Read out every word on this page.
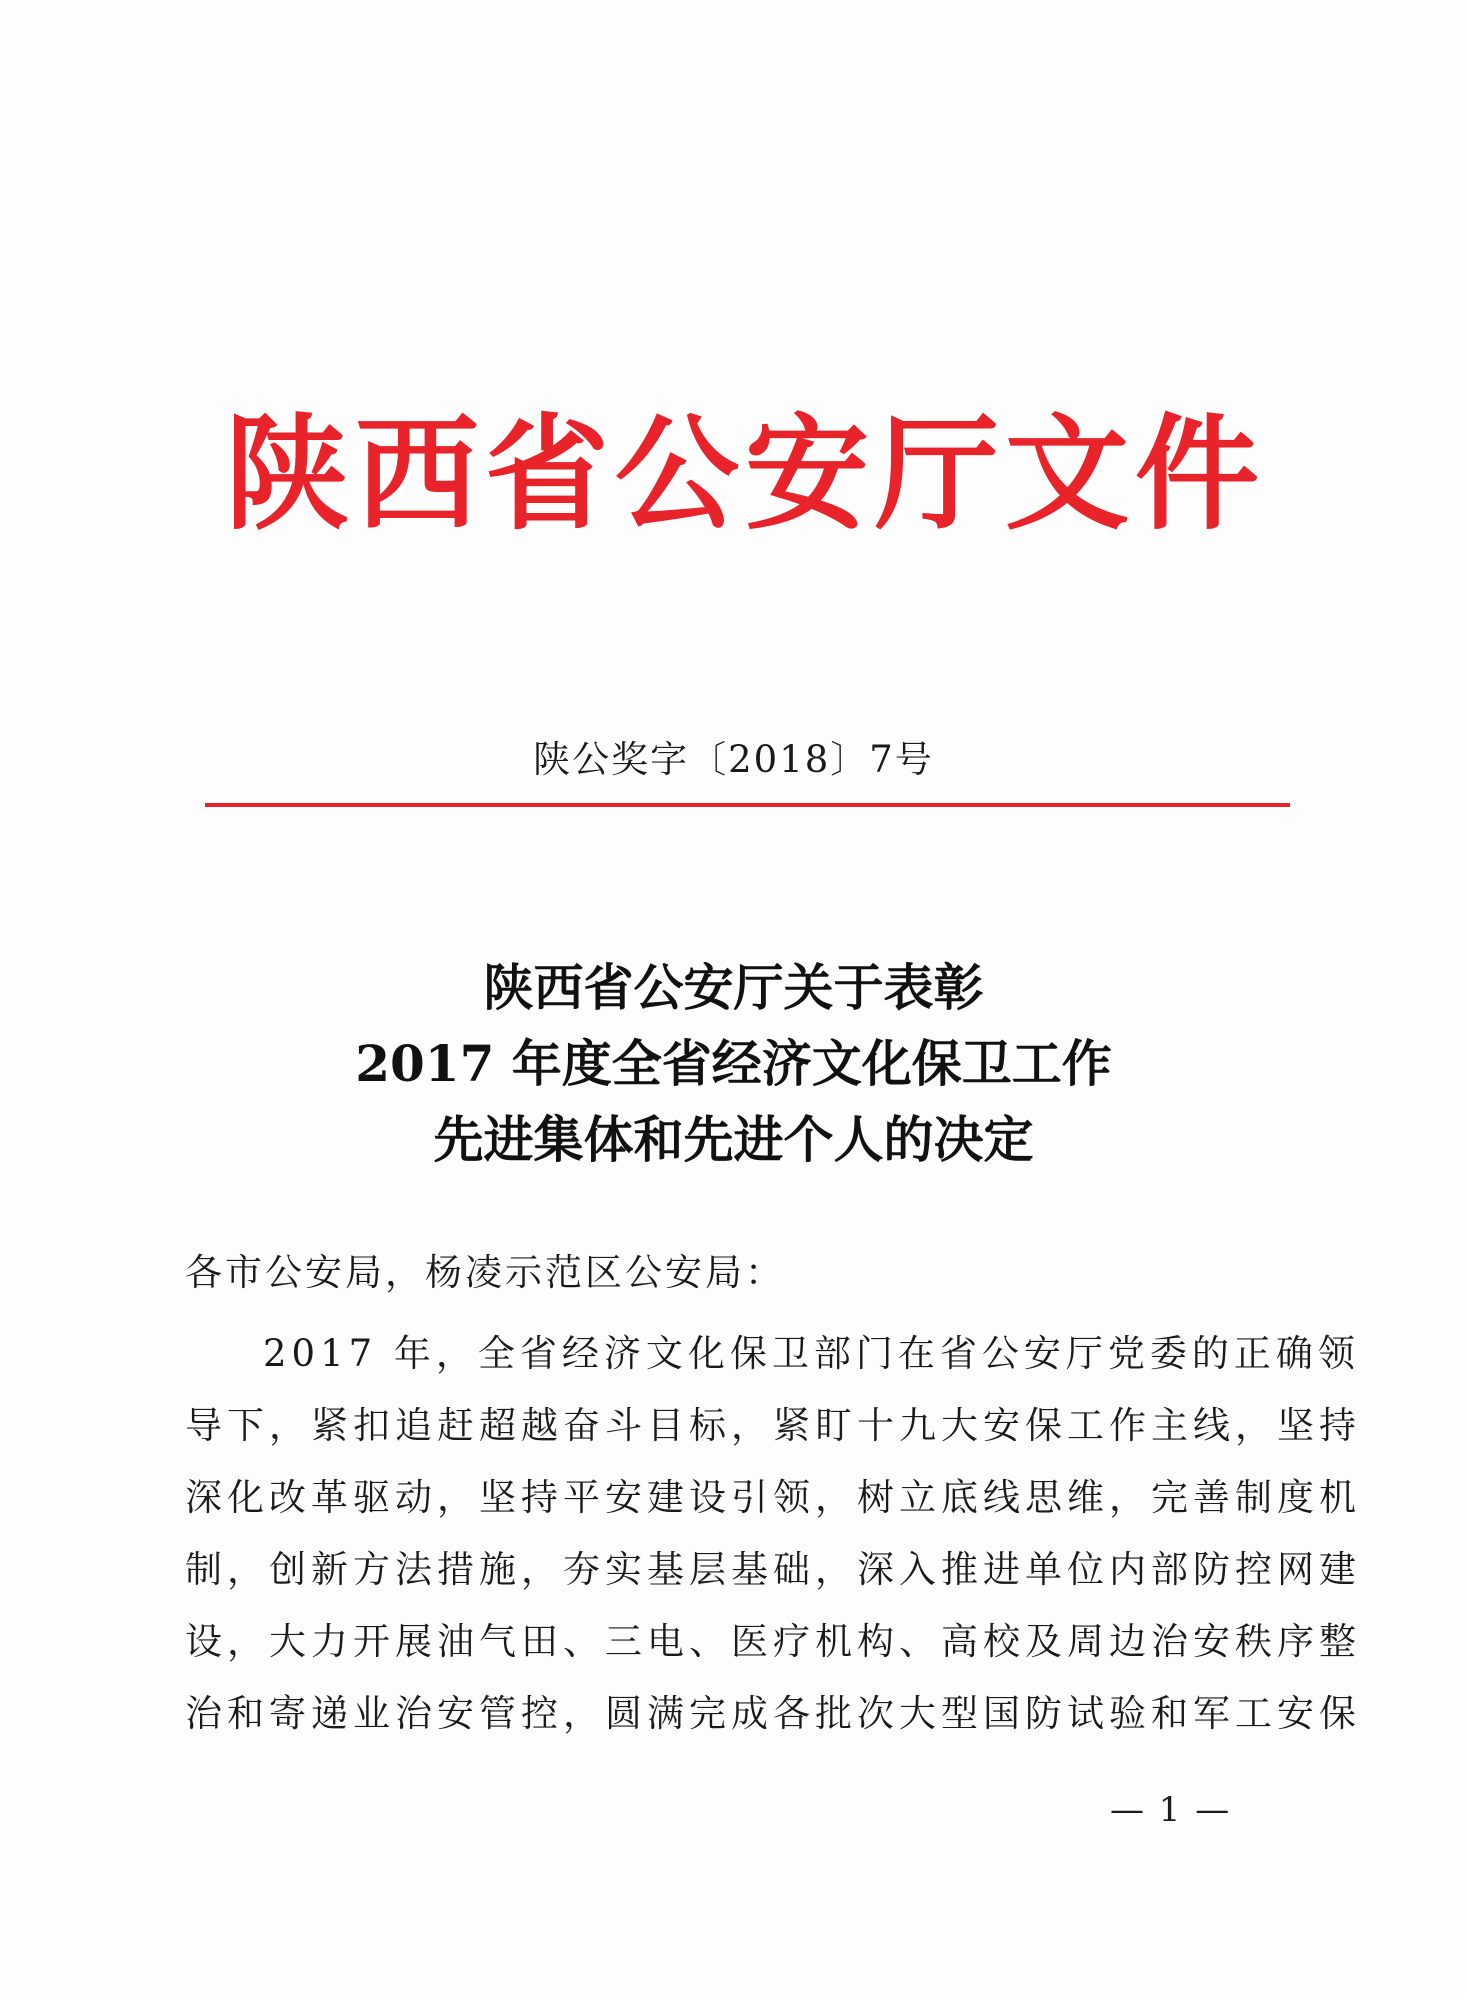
陕西省公安厅文件
陕公奖字〔2018〕7号
陕西省公安厅关于表彰
2017 年度全省经济文化保卫工作
先进集体和先进个人的决定
各市公安局，杨凌示范区公安局：
2017 年，全省经济文化保卫部门在省公安厅党委的正确领
导下，紧扣追赶超越奋斗目标，紧盯十九大安保工作主线，坚持
深化改革驱动，坚持平安建设引领，树立底线思维，完善制度机
制，创新方法措施，夯实基层基础，深入推进单位内部防控网建
设，大力开展油气田、三电、医疗机构、高校及周边治安秩序整
治和寄递业治安管控，圆满完成各批次大型国防试验和军工安保
— 1 —
